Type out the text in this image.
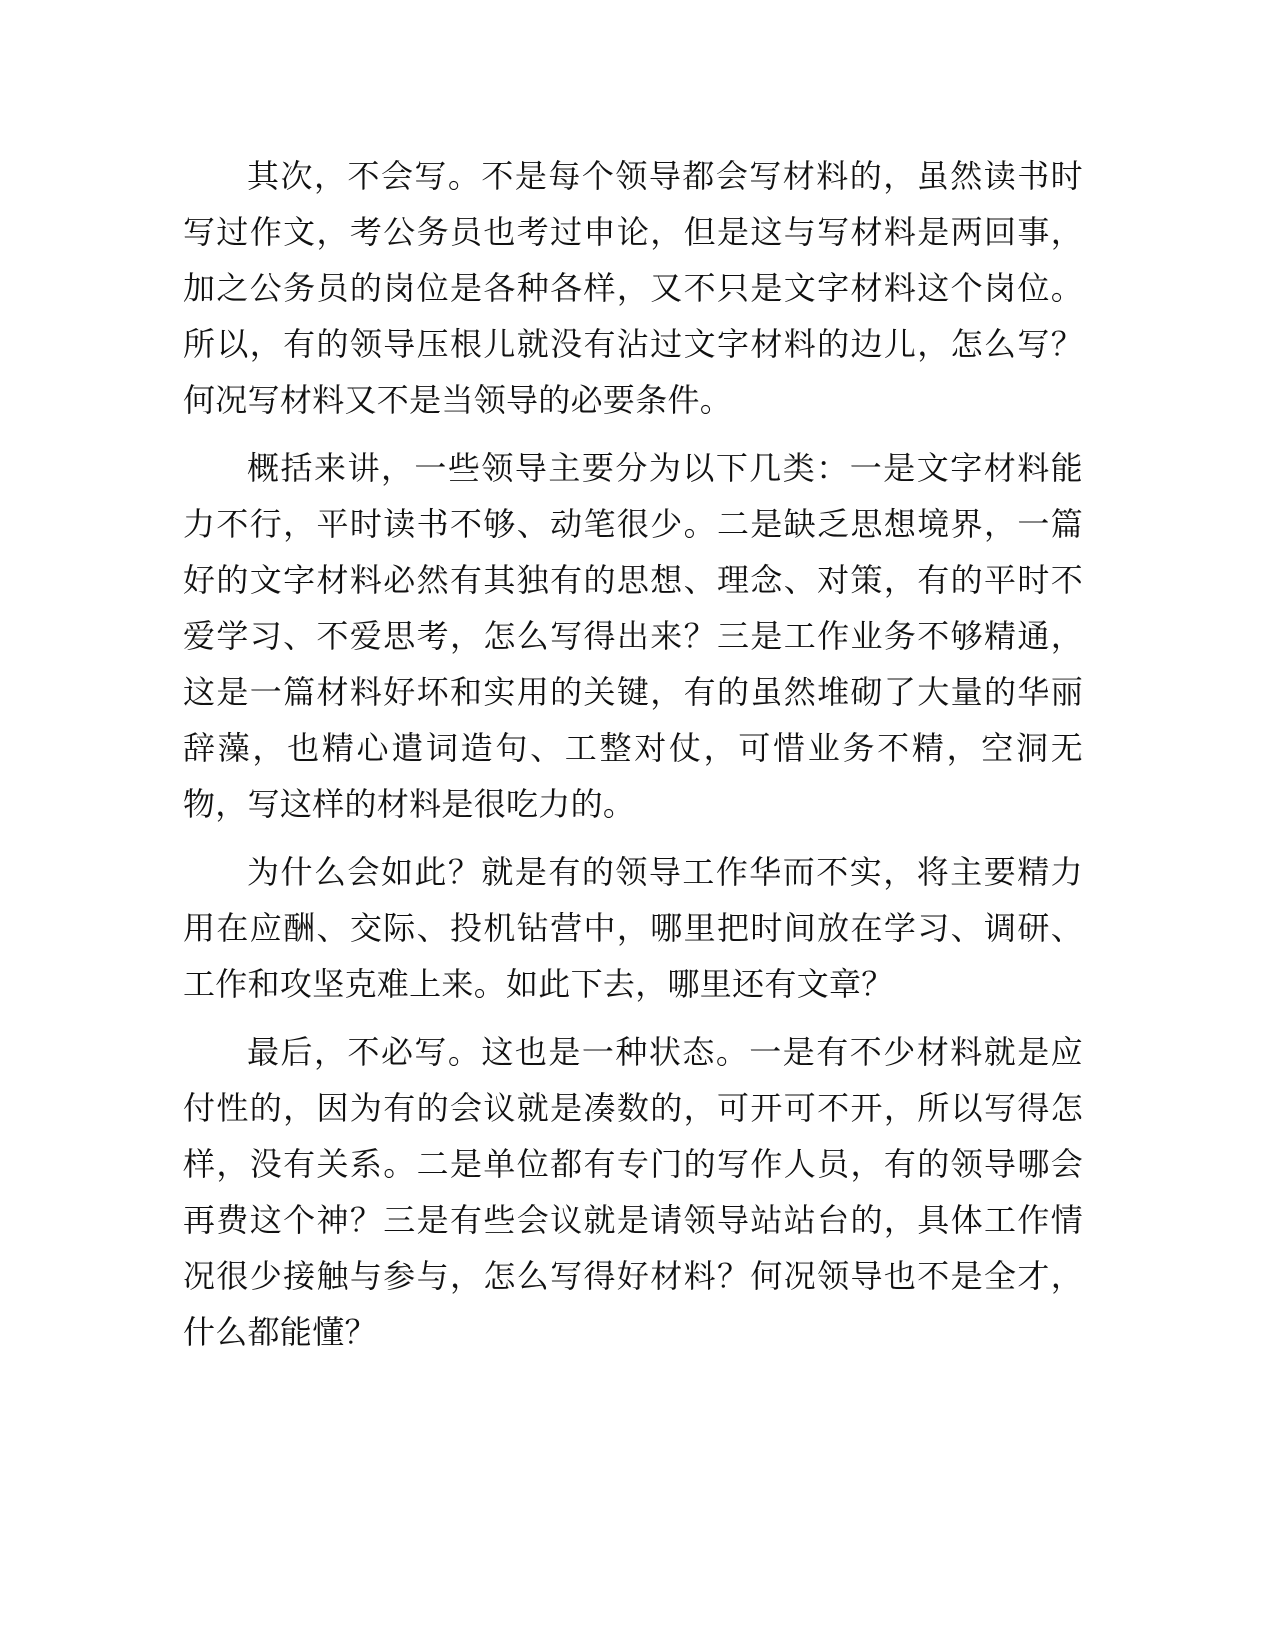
其次，不会写。不是每个领导都会写材料的，虽然读书时写过作文，考公务员也考过申论，但是这与写材料是两回事，加之公务员的岗位是各种各样，又不只是文字材料这个岗位。所以，有的领导压根儿就没有沾过文字材料的边儿，怎么写？何况写材料又不是当领导的必要条件。

概括来讲，一些领导主要分为以下几类：一是文字材料能力不行，平时读书不够、动笔很少。二是缺乏思想境界，一篇好的文字材料必然有其独有的思想、理念、对策，有的平时不爱学习、不爱思考，怎么写得出来？三是工作业务不够精通，这是一篇材料好坏和实用的关键，有的虽然堆砌了大量的华丽辞藻，也精心遣词造句、工整对仗，可惜业务不精，空洞无物，写这样的材料是很吃力的。

为什么会如此？就是有的领导工作华而不实，将主要精力用在应酬、交际、投机钻营中，哪里把时间放在学习、调研、工作和攻坚克难上来。如此下去，哪里还有文章？

最后，不必写。这也是一种状态。一是有不少材料就是应付性的，因为有的会议就是凑数的，可开可不开，所以写得怎样，没有关系。二是单位都有专门的写作人员，有的领导哪会再费这个神？三是有些会议就是请领导站站台的，具体工作情况很少接触与参与，怎么写得好材料？何况领导也不是全才，什么都能懂？
